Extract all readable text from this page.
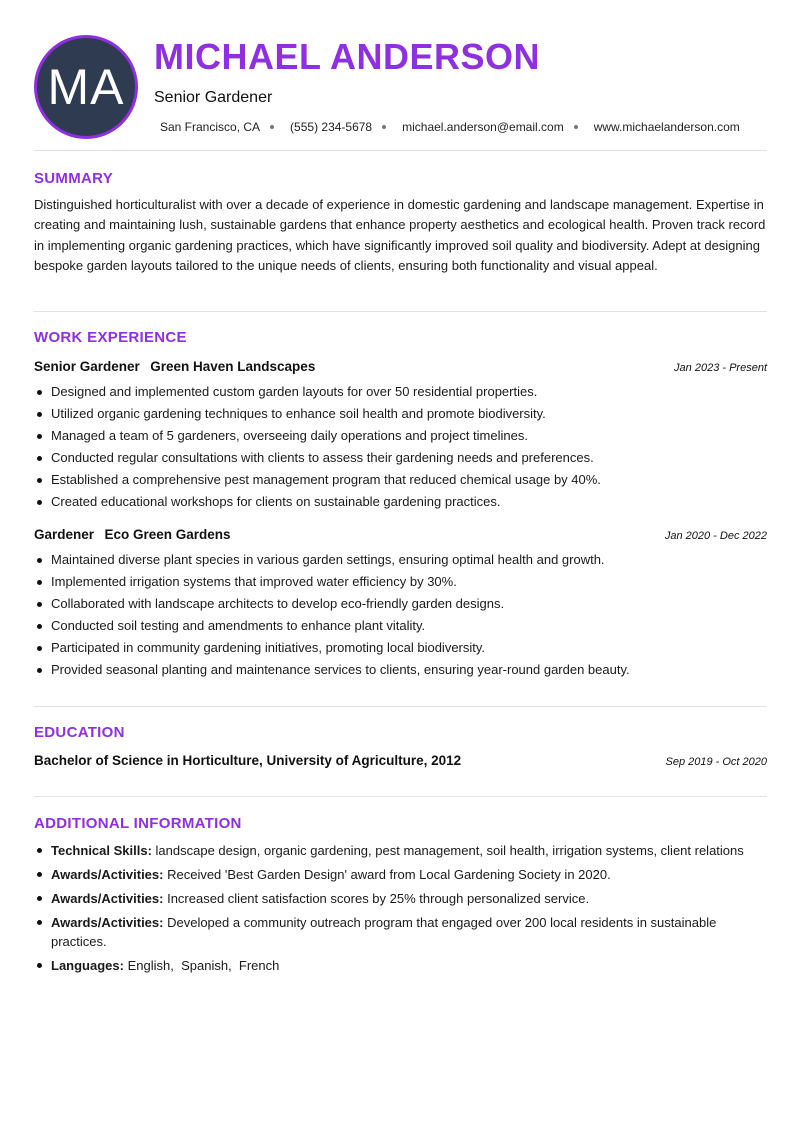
MA
MICHAEL ANDERSON
Senior Gardener
San Francisco, CA	(555) 234-5678	michael.anderson@email.com	www.michaelanderson.com
SUMMARY
Distinguished horticulturalist with over a decade of experience in domestic gardening and landscape management. Expertise in creating and maintaining lush, sustainable gardens that enhance property aesthetics and ecological health. Proven track record in implementing organic gardening practices, which have significantly improved soil quality and biodiversity. Adept at designing bespoke garden layouts tailored to the unique needs of clients, ensuring both functionality and visual appeal.
WORK EXPERIENCE
Senior Gardener Green Haven Landscapes	Jan 2023 - Present
Designed and implemented custom garden layouts for over 50 residential properties.
Utilized organic gardening techniques to enhance soil health and promote biodiversity.
Managed a team of 5 gardeners, overseeing daily operations and project timelines.
Conducted regular consultations with clients to assess their gardening needs and preferences.
Established a comprehensive pest management program that reduced chemical usage by 40%.
Created educational workshops for clients on sustainable gardening practices.
Gardener Eco Green Gardens	Jan 2020 - Dec 2022
Maintained diverse plant species in various garden settings, ensuring optimal health and growth.
Implemented irrigation systems that improved water efficiency by 30%.
Collaborated with landscape architects to develop eco-friendly garden designs.
Conducted soil testing and amendments to enhance plant vitality.
Participated in community gardening initiatives, promoting local biodiversity.
Provided seasonal planting and maintenance services to clients, ensuring year-round garden beauty.
EDUCATION
Bachelor of Science in Horticulture, University of Agriculture, 2012	Sep 2019 - Oct 2020
ADDITIONAL INFORMATION
Technical Skills: landscape design, organic gardening, pest management, soil health, irrigation systems, client relations
Awards/Activities: Received 'Best Garden Design' award from Local Gardening Society in 2020.
Awards/Activities: Increased client satisfaction scores by 25% through personalized service.
Awards/Activities: Developed a community outreach program that engaged over 200 local residents in sustainable practices.
Languages: English , Spanish , French
